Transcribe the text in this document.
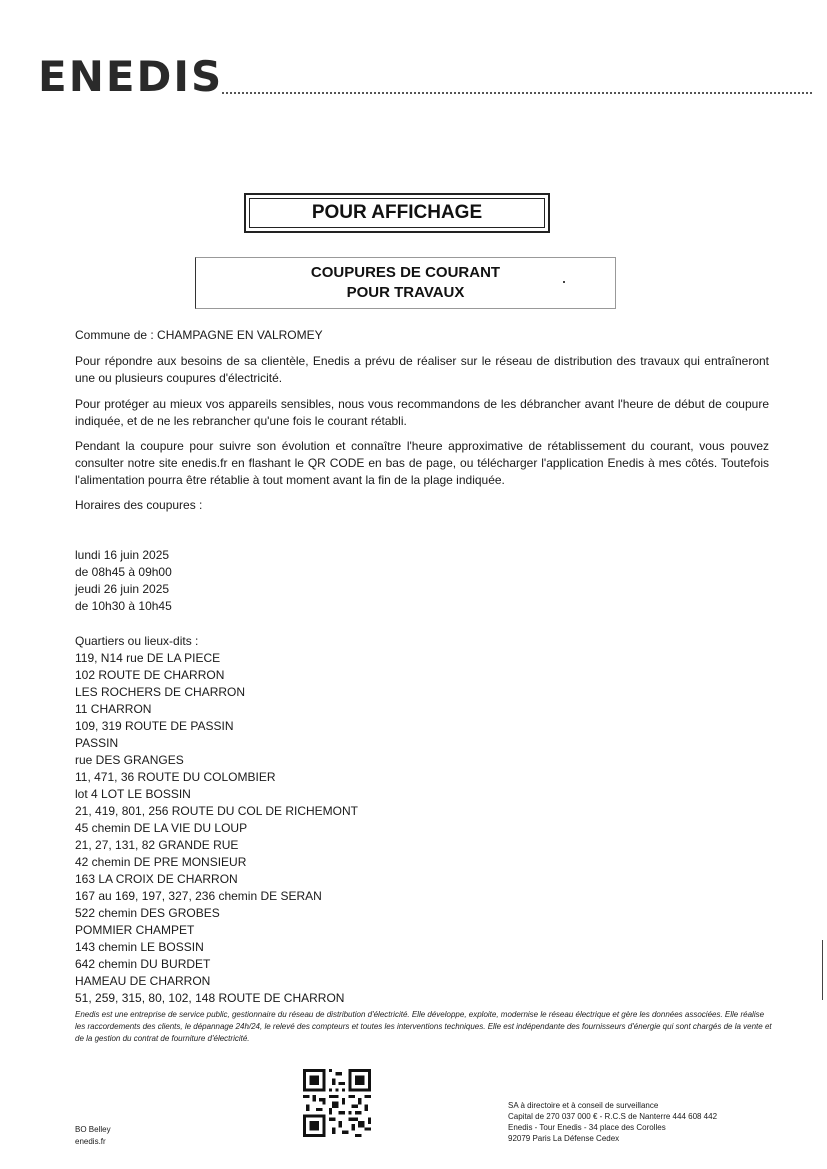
ENEDIS
POUR AFFICHAGE
COUPURES DE COURANT
POUR TRAVAUX

Commune de : CHAMPAGNE EN VALROMEY

Pour répondre aux besoins de sa clientèle, Enedis a prévu de réaliser sur le réseau de distribution des travaux qui entraîneront une ou plusieurs coupures d'électricité.

Pour protéger au mieux vos appareils sensibles, nous vous recommandons de les débrancher avant l'heure de début de coupure indiquée, et de ne les rebrancher qu'une fois le courant rétabli.

Pendant la coupure pour suivre son évolution et connaître l'heure approximative de rétablissement du courant, vous pouvez consulter notre site enedis.fr en flashant le QR CODE en bas de page, ou télécharger l'application Enedis à mes côtés. Toutefois l'alimentation pourra être rétablie à tout moment avant la fin de la plage indiquée.

Horaires des coupures :

lundi 16 juin 2025
de 08h45 à 09h00
jeudi 26 juin 2025
de 10h30 à 10h45
Quartiers ou lieux-dits :
119, N14 rue DE LA PIECE
102 ROUTE DE CHARRON
LES ROCHERS DE CHARRON
11 CHARRON
109, 319 ROUTE DE PASSIN
PASSIN
rue DES GRANGES
11, 471, 36 ROUTE DU COLOMBIER
lot 4 LOT LE BOSSIN
21, 419, 801, 256 ROUTE DU COL DE RICHEMONT
45 chemin DE LA VIE DU LOUP
21, 27, 131, 82 GRANDE RUE
42 chemin DE PRE MONSIEUR
163 LA CROIX DE CHARRON
167 au 169, 197, 327, 236 chemin DE SERAN
522 chemin DES GROBES
POMMIER CHAMPET
143 chemin LE BOSSIN
642 chemin DU BURDET
HAMEAU DE CHARRON
51, 259, 315, 80, 102, 148 ROUTE DE CHARRON
Enedis est une entreprise de service public, gestionnaire du réseau de distribution d'électricité. Elle développe, exploite, modernise le réseau électrique et gère les données associées. Elle réalise les raccordements des clients, le dépannage 24h/24, le relevé des compteurs et toutes les interventions techniques. Elle est indépendante des fournisseurs d'énergie qui sont chargés de la vente et de la gestion du contrat de fourniture d'électricité.
BO Belley
enedis.fr
SA à directoire et à conseil de surveillance
Capital de 270 037 000 € - R.C.S de Nanterre 444 608 442
Enedis - Tour Enedis - 34 place des Corolles
92079 Paris La Défense Cedex
